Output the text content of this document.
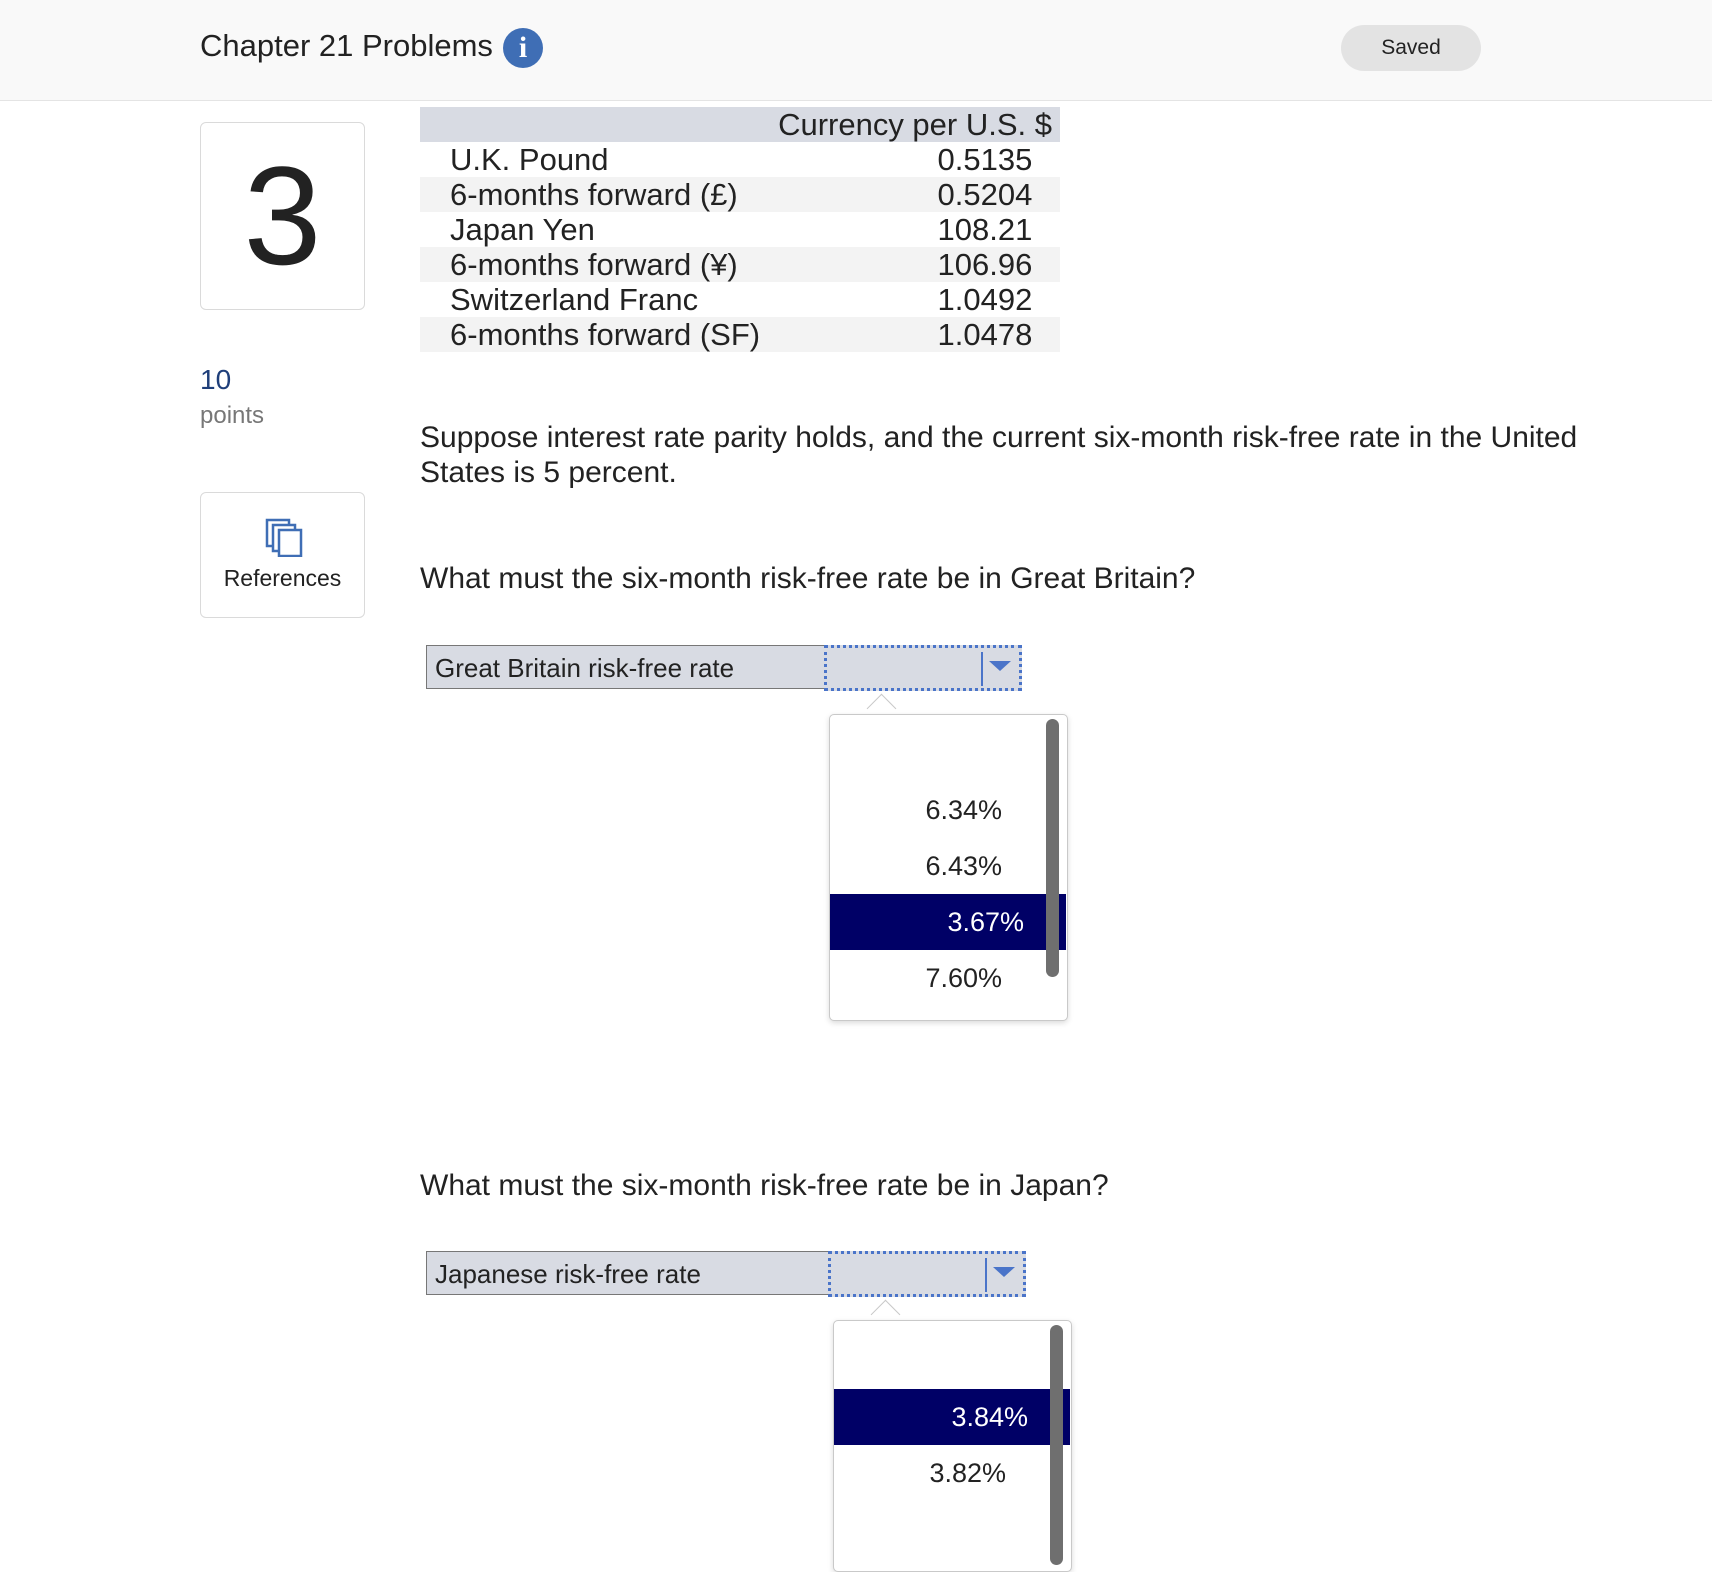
Chapter 21 Problems i	Saved
3
10
points
References
	Currency per U.S. $
U.K. Pound	0.5135
6-months forward (£)	0.5204
Japan Yen	108.21
6-months forward (¥)	106.96
Switzerland Franc	1.0492
6-months forward (SF)	1.0478
Suppose interest rate parity holds, and the current six-month risk-free rate in the United
States is 5 percent.
What must the six-month risk-free rate be in Great Britain?
Great Britain risk-free rate
6.34%
6.43%
3.67%
7.60%
What must the six-month risk-free rate be in Japan?
Japanese risk-free rate
3.84%
3.82%
